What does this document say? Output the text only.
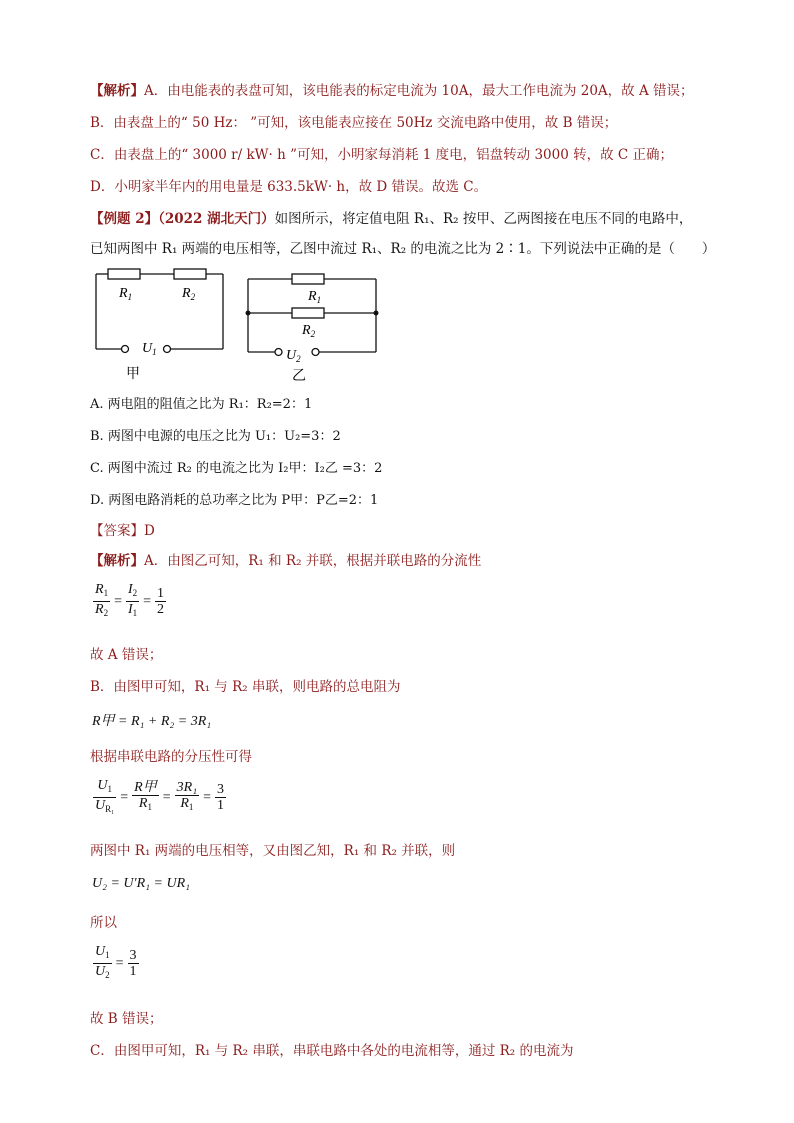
【解析】A．由电能表的表盘可知，该电能表的标定电流为 10A，最大工作电流为 20A，故 A 错误；
B．由表盘上的“ 50 Hz： ”可知，该电能表应接在 50Hz 交流电路中使用，故 B 错误；
C．由表盘上的“ 3000 r/ kW· h ”可知，小明家每消耗 1 度电，铝盘转动 3000 转，故 C 正确；
D．小明家半年内的用电量是 633.5kW· h，故 D 错误。故选 C。
【例题 2】（2022 湖北天门）如图所示，将定值电阻 R₁、R₂ 按甲、乙两图接在电压不同的电路中，
已知两图中 R₁ 两端的电压相等，乙图中流过 R₁、R₂ 的电流之比为 2∶1。下列说法中正确的是（　　）
$R_1$	$R_2$
$U_1$
甲
$R_1$
$R_2$
$U_2$
乙
A. 两电阻的阻值之比为 R₁：R₂=2：1
B. 两图中电源的电压之比为 U₁：U₂=3：2
C. 两图中流过 R₂ 的电流之比为 I₂甲：I₂乙 =3：2
D. 两图电路消耗的总功率之比为 P甲：P乙=2：1
【答案】D
【解析】A．由图乙可知，R₁ 和 R₂ 并联，根据并联电路的分流性
$\frac{R_1}{R_2} = \frac{I_2}{I_1} = \frac{1}{2}$
故 A 错误；
B．由图甲可知，R₁ 与 R₂ 串联，则电路的总电阻为
R甲 = R₁ + R₂ = 3R₁
根据串联电路的分压性可得
$\frac{U_1}{U_{R_1}} = \frac{\text{R甲}}{R_1} = \frac{\text{3R₁}}{R_1} = \frac{3}{1}$
两图中 R₁ 两端的电压相等，又由图乙知，R₁ 和 R₂ 并联，则
U₂ = U′R₁ = UR₁
所以
$\frac{U_1}{U_2} = \frac{3}{1}$
故 B 错误；
C．由图甲可知，R₁ 与 R₂ 串联，串联电路中各处的电流相等，通过 R₂ 的电流为
